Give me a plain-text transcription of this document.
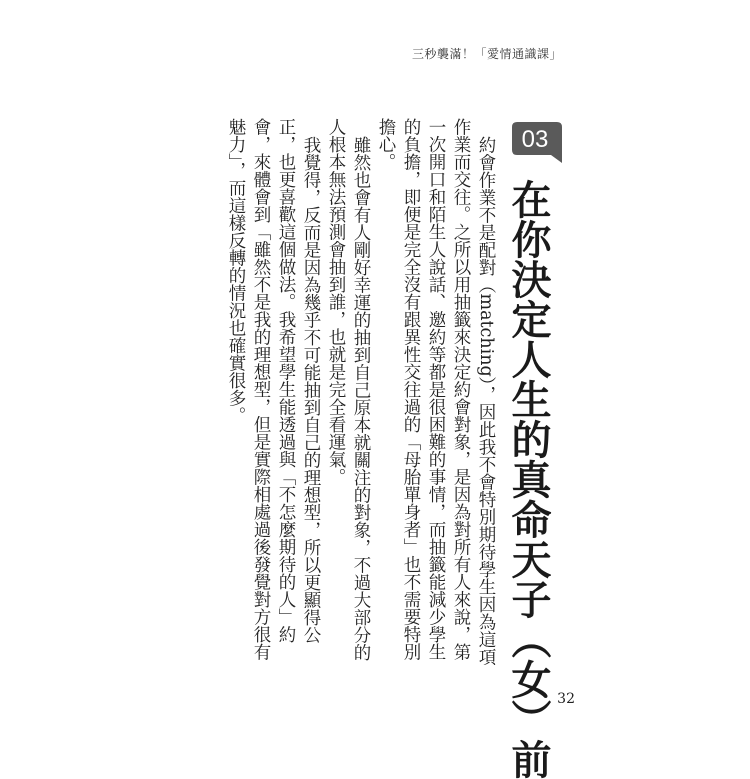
三秒襲滿！「愛情通識課」
03
在你決定人生的真命天子（女）前

約會作業不是配對（matching），因此我不會特別期待學生因為這項作業而交往。之所以用抽籤來決定約會對象，是因為對所有人來說，第一次開口和陌生人說話、邀約等都是很困難的事情，而抽籤能減少學生的負擔，即便是完全沒有跟異性交往過的「母胎單身者」也不需要特別擔心。

雖然也會有人剛好幸運的抽到自己原本就關注的對象，不過大部分的人根本無法預測會抽到誰，也就是完全看運氣。

我覺得，反而是因為幾乎不可能抽到自己的理想型，所以更顯得公正，也更喜歡這個做法。我希望學生能透過與「不怎麼期待的人」約會，來體會到「雖然不是我的理想型，但是實際相處過後發覺對方很有魅力」，而這樣反轉的情況也確實很多。

32
